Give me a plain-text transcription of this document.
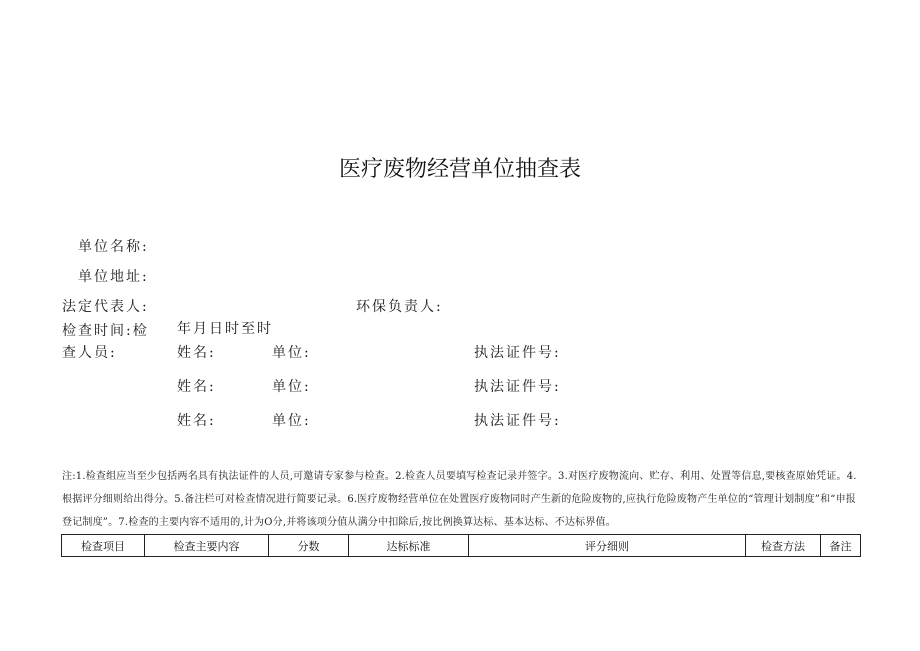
医疗废物经营单位抽查表
单位名称:
单位地址:
法定代表人:	环保负责人:
检查时间:检 年月日时至时
查人员:	姓名:	单位:	执法证件号:
姓名:	单位:	执法证件号:
姓名:	单位:	执法证件号:
注:1.检查组应当至少包括两名具有执法证件的人员,可邀请专家参与检查。2.检查人员要填写检查记录并签字。3.对医疗废物流向、贮存、利用、处置等信息,要核查原始凭证。4.根据评分细则给出得分。5.备注栏可对检查情况进行简要记录。6.医疗废物经营单位在处置医疗废物同时产生新的危险废物的,应执行危险废物产生单位的“管理计划制度”和“申报登记制度”。7.检查的主要内容不适用的,计为O分,并将该项分值从满分中扣除后,按比例换算达标、基本达标、不达标界值。
检查项目	检查主要内容	分数	达标标准	评分细则	检查方法	备注
